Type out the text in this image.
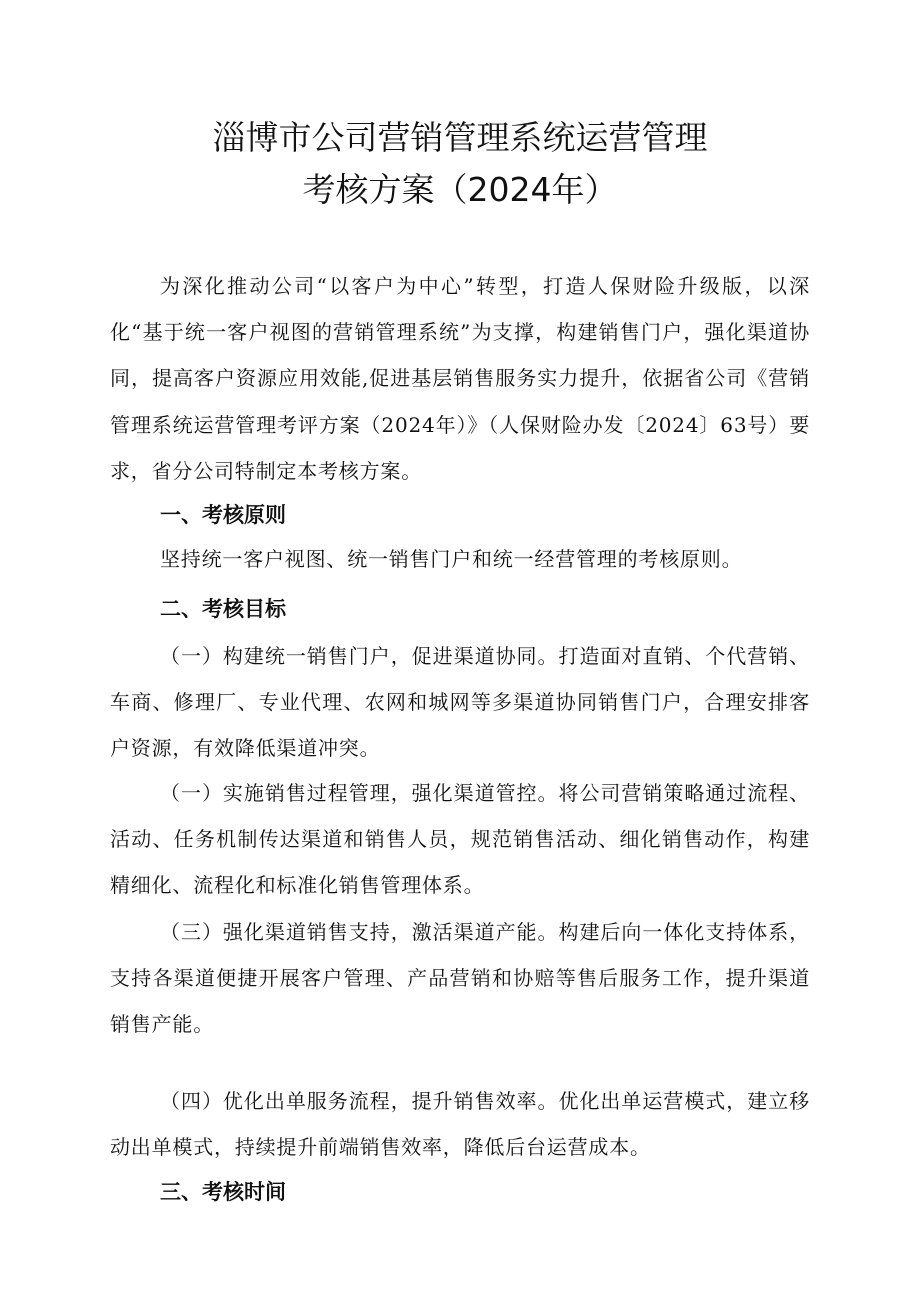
淄博市公司营销管理系统运营管理
考核方案（2024年）

为深化推动公司“以客户为中心”转型，打造人保财险升级版，以深化“基于统一客户视图的营销管理系统”为支撑，构建销售门户，强化渠道协同，提高客户资源应用效能,促进基层销售服务实力提升，依据省公司《营销管理系统运营管理考评方案（2024年）》（人保财险办发〔2024〕63号）要求，省分公司特制定本考核方案。

一、考核原则

坚持统一客户视图、统一销售门户和统一经营管理的考核原则。

二、考核目标

（一）构建统一销售门户，促进渠道协同。打造面对直销、个代营销、车商、修理厂、专业代理、农网和城网等多渠道协同销售门户，合理安排客户资源，有效降低渠道冲突。

（一）实施销售过程管理，强化渠道管控。将公司营销策略通过流程、活动、任务机制传达渠道和销售人员，规范销售活动、细化销售动作，构建精细化、流程化和标准化销售管理体系。

（三）强化渠道销售支持，激活渠道产能。构建后向一体化支持体系，支持各渠道便捷开展客户管理、产品营销和协赔等售后服务工作，提升渠道销售产能。

（四）优化出单服务流程，提升销售效率。优化出单运营模式，建立移动出单模式，持续提升前端销售效率，降低后台运营成本。

三、考核时间
